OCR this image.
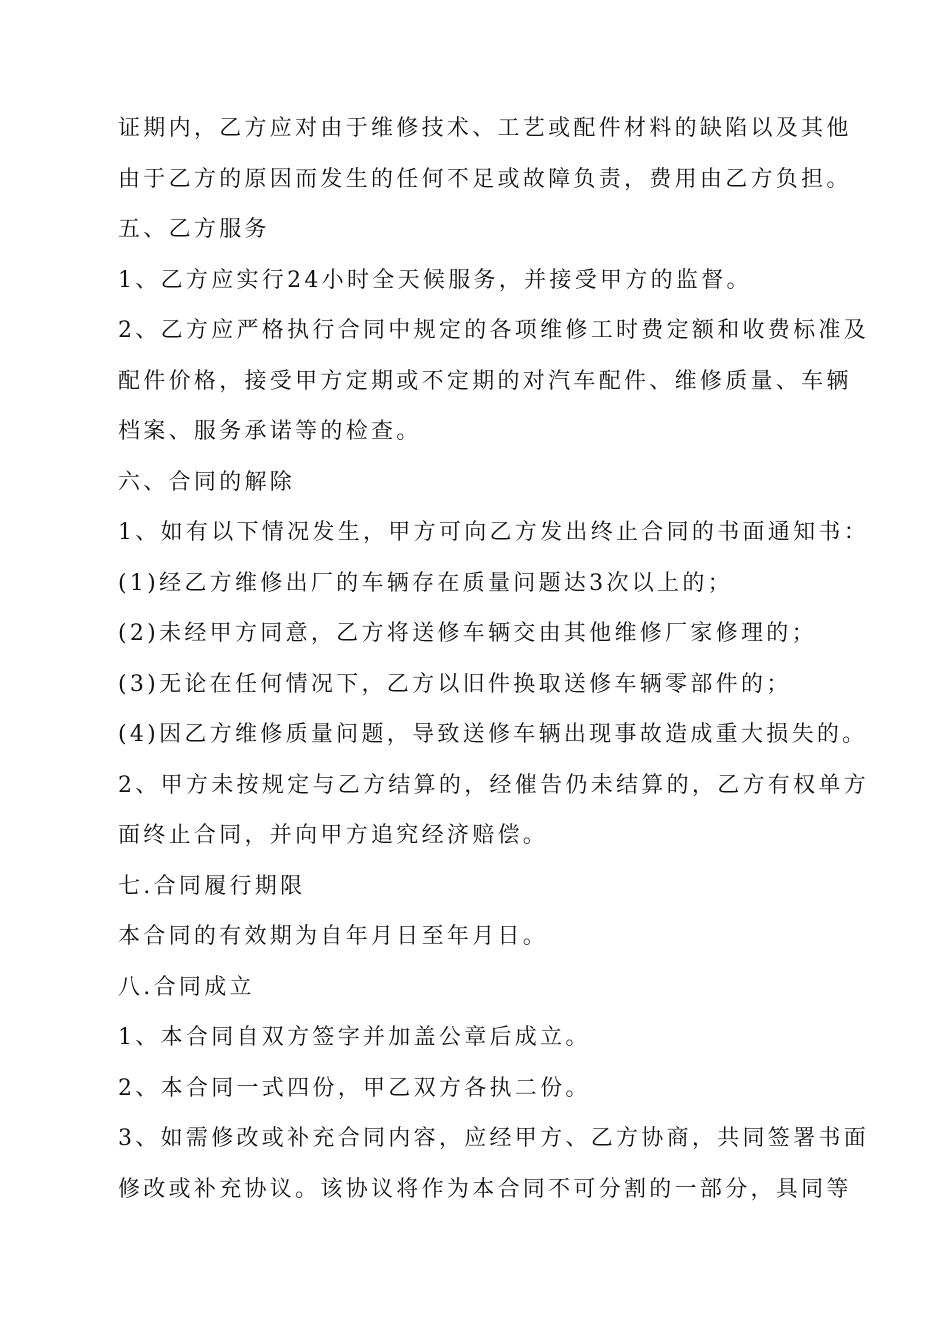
证期内，乙方应对由于维修技术、工艺或配件材料的缺陷以及其他
由于乙方的原因而发生的任何不足或故障负责，费用由乙方负担。
五、乙方服务
1、乙方应实行24小时全天候服务，并接受甲方的监督。
2、乙方应严格执行合同中规定的各项维修工时费定额和收费标准及
配件价格，接受甲方定期或不定期的对汽车配件、维修质量、车辆
档案、服务承诺等的检查。
六、合同的解除
1、如有以下情况发生，甲方可向乙方发出终止合同的书面通知书：
(1)经乙方维修出厂的车辆存在质量问题达3次以上的；
(2)未经甲方同意，乙方将送修车辆交由其他维修厂家修理的；
(3)无论在任何情况下，乙方以旧件换取送修车辆零部件的；
(4)因乙方维修质量问题，导致送修车辆出现事故造成重大损失的。
2、甲方未按规定与乙方结算的，经催告仍未结算的，乙方有权单方
面终止合同，并向甲方追究经济赔偿。
七.合同履行期限
本合同的有效期为自年月日至年月日。
八.合同成立
1、本合同自双方签字并加盖公章后成立。
2、本合同一式四份，甲乙双方各执二份。
3、如需修改或补充合同内容，应经甲方、乙方协商，共同签署书面
修改或补充协议。该协议将作为本合同不可分割的一部分，具同等
